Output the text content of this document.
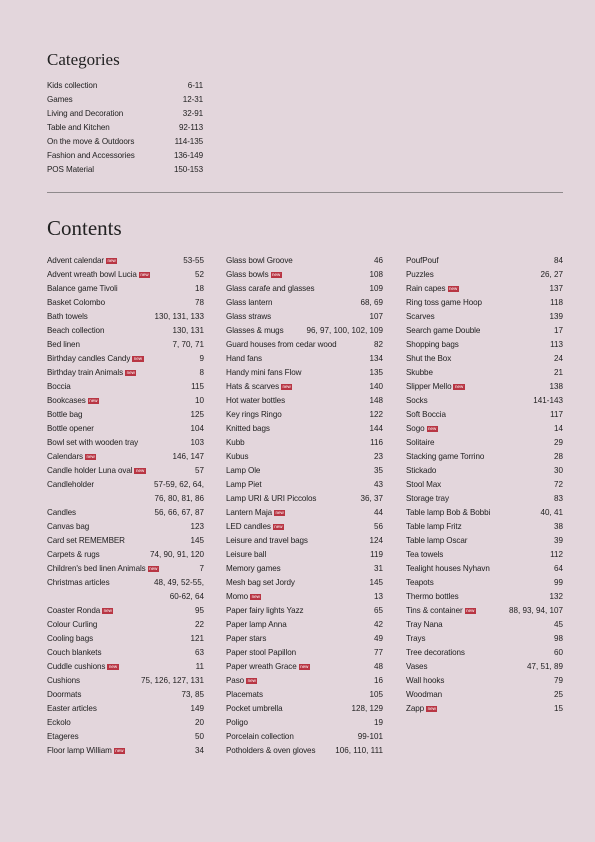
Categories
Kids collection	6-11
Games	12-31
Living and Decoration	32-91
Table and Kitchen	92-113
On the move & Outdoors	114-135
Fashion and Accessories	136-149
POS Material	150-153
Contents
Advent calendar new	53-55
Advent wreath bowl Lucia new	52
Balance game Tivoli	18
Basket Colombo	78
Bath towels	130, 131, 133
Beach collection	130, 131
Bed linen	7, 70, 71
Birthday candles Candy new	9
Birthday train Animals new	8
Boccia	115
Bookcases new	10
Bottle bag	125
Bottle opener	104
Bowl set with wooden tray	103
Calendars new	146, 147
Candle holder Luna oval new	57
Candleholder	57-59, 62, 64,
76, 80, 81, 86
Candles	56, 66, 67, 87
Canvas bag	123
Card set REMEMBER	145
Carpets & rugs	74, 90, 91, 120
Children's bed linen Animals new	7
Christmas articles	48, 49, 52-55,
60-62, 64
Coaster Ronda new	95
Colour Curling	22
Cooling bags	121
Couch blankets	63
Cuddle cushions new	11
Cushions	75, 126, 127, 131
Doormats	73, 85
Easter articles	149
Eckolo	20
Etageres	50
Floor lamp William new	34
Glass bowl Groove	46
Glass bowls new	108
Glass carafe and glasses	109
Glass lantern	68, 69
Glass straws	107
Glasses & mugs	96, 97, 100, 102, 109
Guard houses from cedar wood	82
Hand fans	134
Handy mini fans Flow	135
Hats & scarves new	140
Hot water bottles	148
Key rings Ringo	122
Knitted bags	144
Kubb	116
Kubus	23
Lamp Ole	35
Lamp Piet	43
Lamp URI & URI Piccolos	36, 37
Lantern Maja new	44
LED candles new	56
Leisure and travel bags	124
Leisure ball	119
Memory games	31
Mesh bag set Jordy	145
Momo new	13
Paper fairy lights Yazz	65
Paper lamp Anna	42
Paper stars	49
Paper stool Papillon	77
Paper wreath Grace new	48
Paso new	16
Placemats	105
Pocket umbrella	128, 129
Poligo	19
Porcelain collection	99-101
Potholders & oven gloves 106, 110, 111
PoufPouf	84
Puzzles	26, 27
Rain capes new	137
Ring toss game Hoop	118
Scarves	139
Search game Double	17
Shopping bags	113
Shut the Box	24
Skubbe	21
Slipper Mello new	138
Socks	141-143
Soft Boccia	117
Sogo new	14
Solitaire	29
Stacking game Torrino	28
Stickado	30
Stool Max	72
Storage tray	83
Table lamp Bob & Bobbi	40, 41
Table lamp Fritz	38
Table lamp Oscar	39
Tea towels	112
Tealight houses Nyhavn	64
Teapots	99
Thermo bottles	132
Tins & container new	88, 93, 94, 107
Tray Nana	45
Trays	98
Tree decorations	60
Vases	47, 51, 89
Wall hooks	79
Woodman	25
Zapp new	15
